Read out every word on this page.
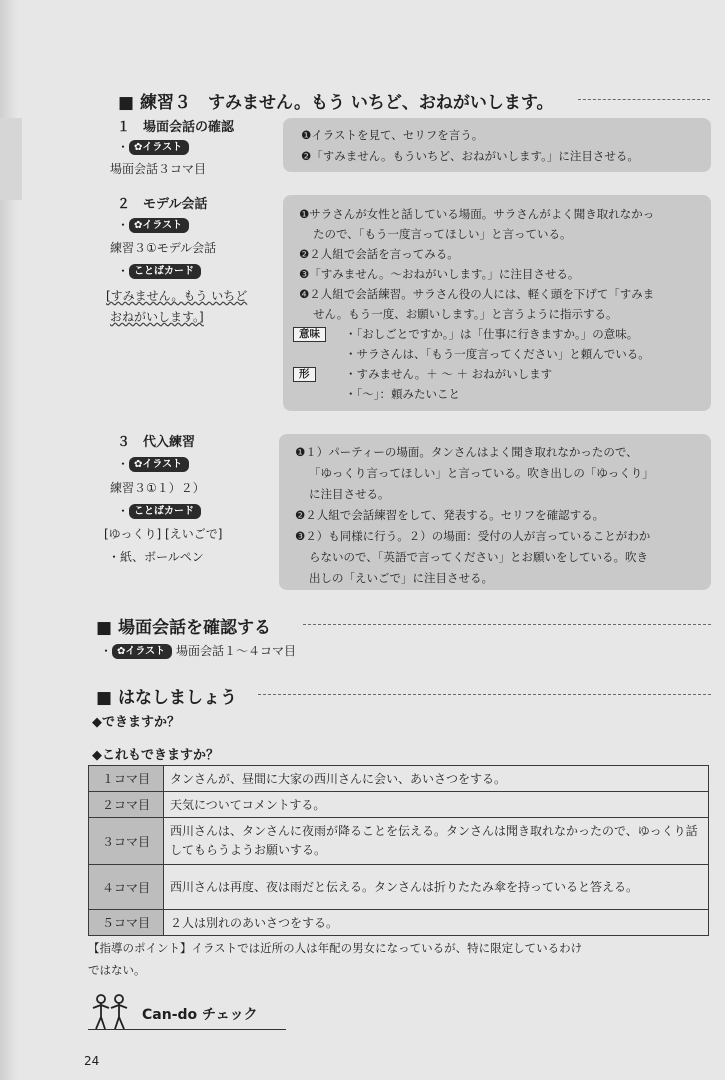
■ 練習３　すみません。もう いちど、おねがいします。
１　場面会話の確認
・ ✿イラスト
場面会話３コマ目
❶イラストを見て、セリフを言う。
❷「すみません。もういちど、おねがいします。」に注目させる。
２　モデル会話
・ ✿イラスト
練習３①モデル会話
・ ことばカード
[すみません。もう いちど
おねがいします。]
❶サラさんが女性と話している場面。サラさんがよく聞き取れなかっ
たので、「もう一度言ってほしい」と言っている。
❷２人組で会話を言ってみる。
❸「すみません。～おねがいします。」に注目させる。
❹２人組で会話練習。サラさん役の人には、軽く頭を下げて「すみま
せん。もう一度、お願いします。」と言うように指示する。
意味	・「おしごとですか。」は「仕事に行きますか。」の意味。
・サラさんは、「もう一度言ってください」と頼んでいる。
形	・すみません。＋ ～ ＋ おねがいします
・「～」：頼みたいこと
３　代入練習
・ ✿イラスト
練習３①１）２）
・ ことばカード
[ゆっくり] [えいごで]
・紙、ボールペン
❶１）パーティーの場面。タンさんはよく聞き取れなかったので、
「ゆっくり言ってほしい」と言っている。吹き出しの「ゆっくり」
に注目させる。
❷２人組で会話練習をして、発表する。セリフを確認する。
❸２）も同様に行う。２）の場面：受付の人が言っていることがわか
らないので、「英語で言ってください」とお願いをしている。吹き
出しの「えいごで」に注目させる。
■ 場面会話を確認する
・ ✿イラスト 場面会話１～４コマ目
■ はなしましょう
◆できますか？
◆これもできますか？
１コマ目	タンさんが、昼間に大家の西川さんに会い、あいさつをする。
２コマ目	天気についてコメントする。
３コマ目	西川さんは、タンさんに夜雨が降ることを伝える。タンさんは聞き取れなかったので、ゆっくり話してもらうようお願いする。
４コマ目	西川さんは再度、夜は雨だと伝える。タンさんは折りたたみ傘を持っていると答える。
５コマ目	２人は別れのあいさつをする。
【指導のポイント】イラストでは近所の人は年配の男女になっているが、特に限定しているわけ
ではない。
Can-do チェック
24
